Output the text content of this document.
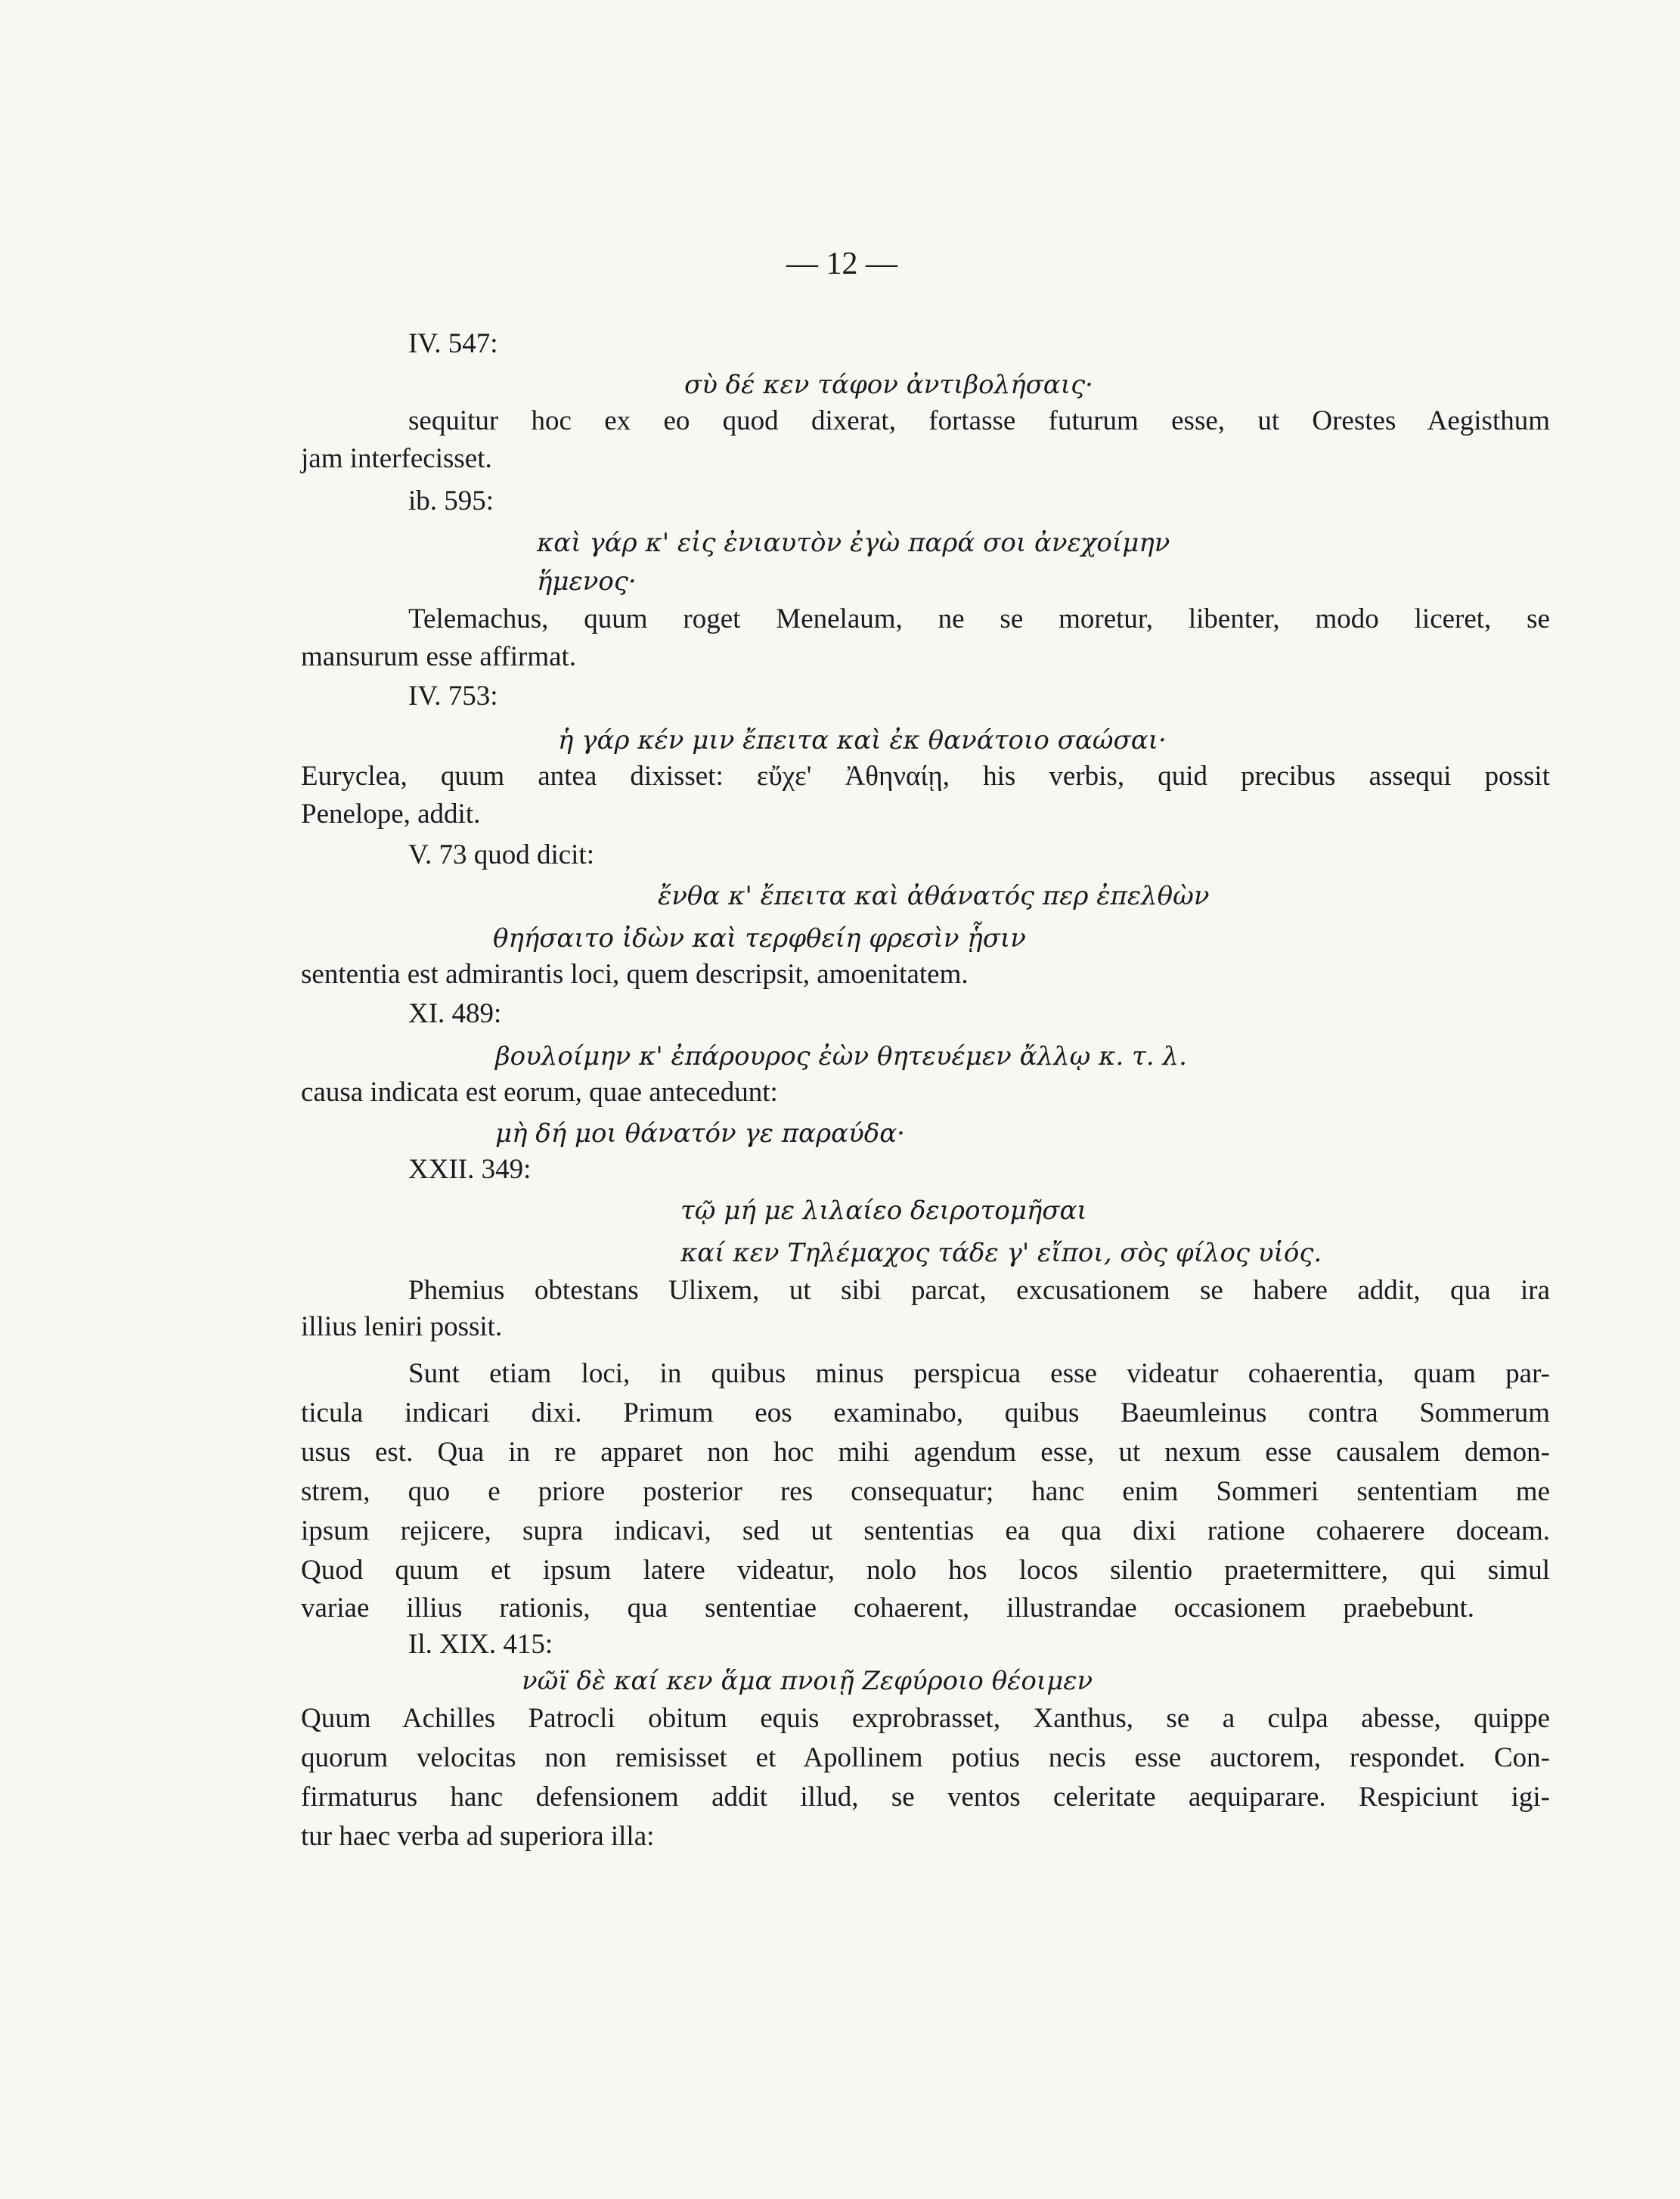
— 12 —

IV. 547:

σὺ δέ κεν τάφον ἀντιβολήσαις·

sequitur hoc ex eo quod dixerat, fortasse futurum esse, ut Orestes Aegisthum

jam interfecisset.

ib. 595:

καὶ γάρ κ' εἰς ἐνιαυτὸν ἐγὼ παρά σοι ἀνεχοίμην

ἥμενος·

Telemachus, quum roget Menelaum, ne se moretur, libenter, modo liceret, se

mansurum esse affirmat.

IV. 753:

ἡ γάρ κέν μιν ἔπειτα καὶ ἐκ θανάτοιο σαώσαι·

Euryclea, quum antea dixisset: εὔχε' Ἀθηναίῃ, his verbis, quid precibus assequi possit

Penelope, addit.

V. 73 quod dicit:

ἔνθα κ' ἔπειτα καὶ ἀθάνατός περ ἐπελθὼν

θηήσαιτο ἰδὼν καὶ τερφθείη φρεσὶν ᾗσιν

sententia est admirantis loci, quem descripsit, amoenitatem.

XI. 489:

βουλοίμην κ' ἐπάρουρος ἐὼν θητευέμεν ἄλλῳ κ. τ. λ.

causa indicata est eorum, quae antecedunt:

μὴ δή μοι θάνατόν γε παραύδα·

XXII. 349:

τῷ μή με λιλαίεο δειροτομῆσαι

καί κεν Τηλέμαχος τάδε γ' εἴποι, σὸς φίλος υἱός.

Phemius obtestans Ulixem, ut sibi parcat, excusationem se habere addit, qua ira

illius leniri possit.

Sunt etiam loci, in quibus minus perspicua esse videatur cohaerentia, quam par-

ticula indicari dixi. Primum eos examinabo, quibus Baeumleinus contra Sommerum

usus est. Qua in re apparet non hoc mihi agendum esse, ut nexum esse causalem demon-

strem, quo e priore posterior res consequatur; hanc enim Sommeri sententiam me

ipsum rejicere, supra indicavi, sed ut sententias ea qua dixi ratione cohaerere doceam.

Quod quum et ipsum latere videatur, nolo hos locos silentio praetermittere, qui simul

variae illius rationis, qua sententiae cohaerent, illustrandae occasionem praebebunt.

Il. XIX. 415:

νῶϊ δὲ καί κεν ἅμα πνοιῇ Ζεφύροιο θέοιμεν

Quum Achilles Patrocli obitum equis exprobrasset, Xanthus, se a culpa abesse, quippe

quorum velocitas non remisisset et Apollinem potius necis esse auctorem, respondet. Con-

firmaturus hanc defensionem addit illud, se ventos celeritate aequiparare. Respiciunt igi-

tur haec verba ad superiora illa:
